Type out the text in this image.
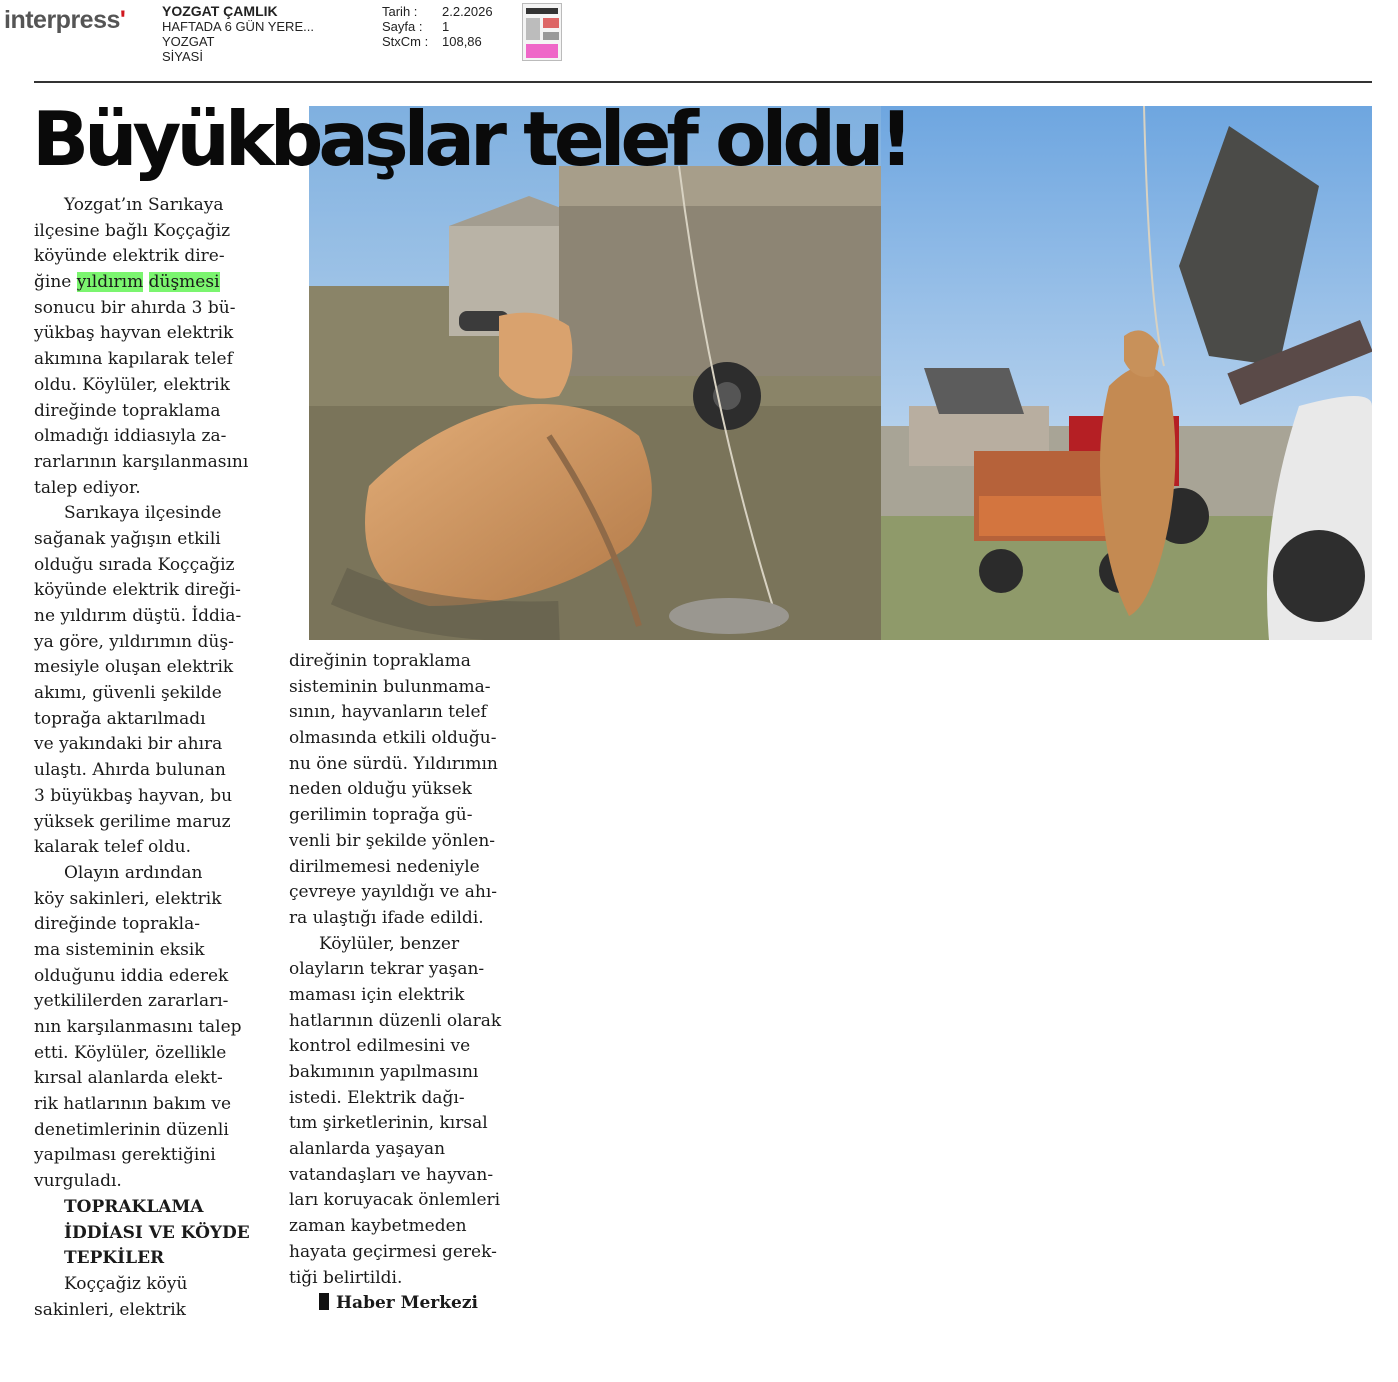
interpress'	YOZGAT ÇAMLIK
HAFTADA 6 GÜN YERE...
YOZGAT
SİYASİ
Tarih :	2.2.2026
Sayfa :	1
StxCm :	108,86
Büyükbaşlar telef oldu!
Yozgat’ın Sarıkaya
ilçesine bağlı Koççağiz
köyünde elektrik dire-
ğine yıldırım düşmesi
sonucu bir ahırda 3 bü-
yükbaş hayvan elektrik
akımına kapılarak telef
oldu. Köylüler, elektrik
direğinde topraklama
olmadığı iddiasıyla za-
rarlarının karşılanmasını
talep ediyor.
Sarıkaya ilçesinde
sağanak yağışın etkili
olduğu sırada Koççağiz
köyünde elektrik direği-
ne yıldırım düştü. İddia-
ya göre, yıldırımın düş-
mesiyle oluşan elektrik
akımı, güvenli şekilde
toprağa aktarılmadı
ve yakındaki bir ahıra
ulaştı. Ahırda bulunan
3 büyükbaş hayvan, bu
yüksek gerilime maruz
kalarak telef oldu.
Olayın ardından
köy sakinleri, elektrik
direğinde toprakla-
ma sisteminin eksik
olduğunu iddia ederek
yetkililerden zararları-
nın karşılanmasını talep
etti. Köylüler, özellikle
kırsal alanlarda elekt-
rik hatlarının bakım ve
denetimlerinin düzenli
yapılması gerektiğini
vurguladı.
TOPRAKLAMA
İDDİASI VE KÖYDE
TEPKİLER
Koççağiz köyü
sakinleri, elektrik
direğinin topraklama
sisteminin bulunmama-
sının, hayvanların telef
olmasında etkili olduğu-
nu öne sürdü. Yıldırımın
neden olduğu yüksek
gerilimin toprağa gü-
venli bir şekilde yönlen-
dirilmemesi nedeniyle
çevreye yayıldığı ve ahı-
ra ulaştığı ifade edildi.
Köylüler, benzer
olayların tekrar yaşan-
maması için elektrik
hatlarının düzenli olarak
kontrol edilmesini ve
bakımının yapılmasını
istedi. Elektrik dağı-
tım şirketlerinin, kırsal
alanlarda yaşayan
vatandaşları ve hayvan-
ları koruyacak önlemleri
zaman kaybetmeden
hayata geçirmesi gerek-
tiği belirtildi.
Haber Merkezi
